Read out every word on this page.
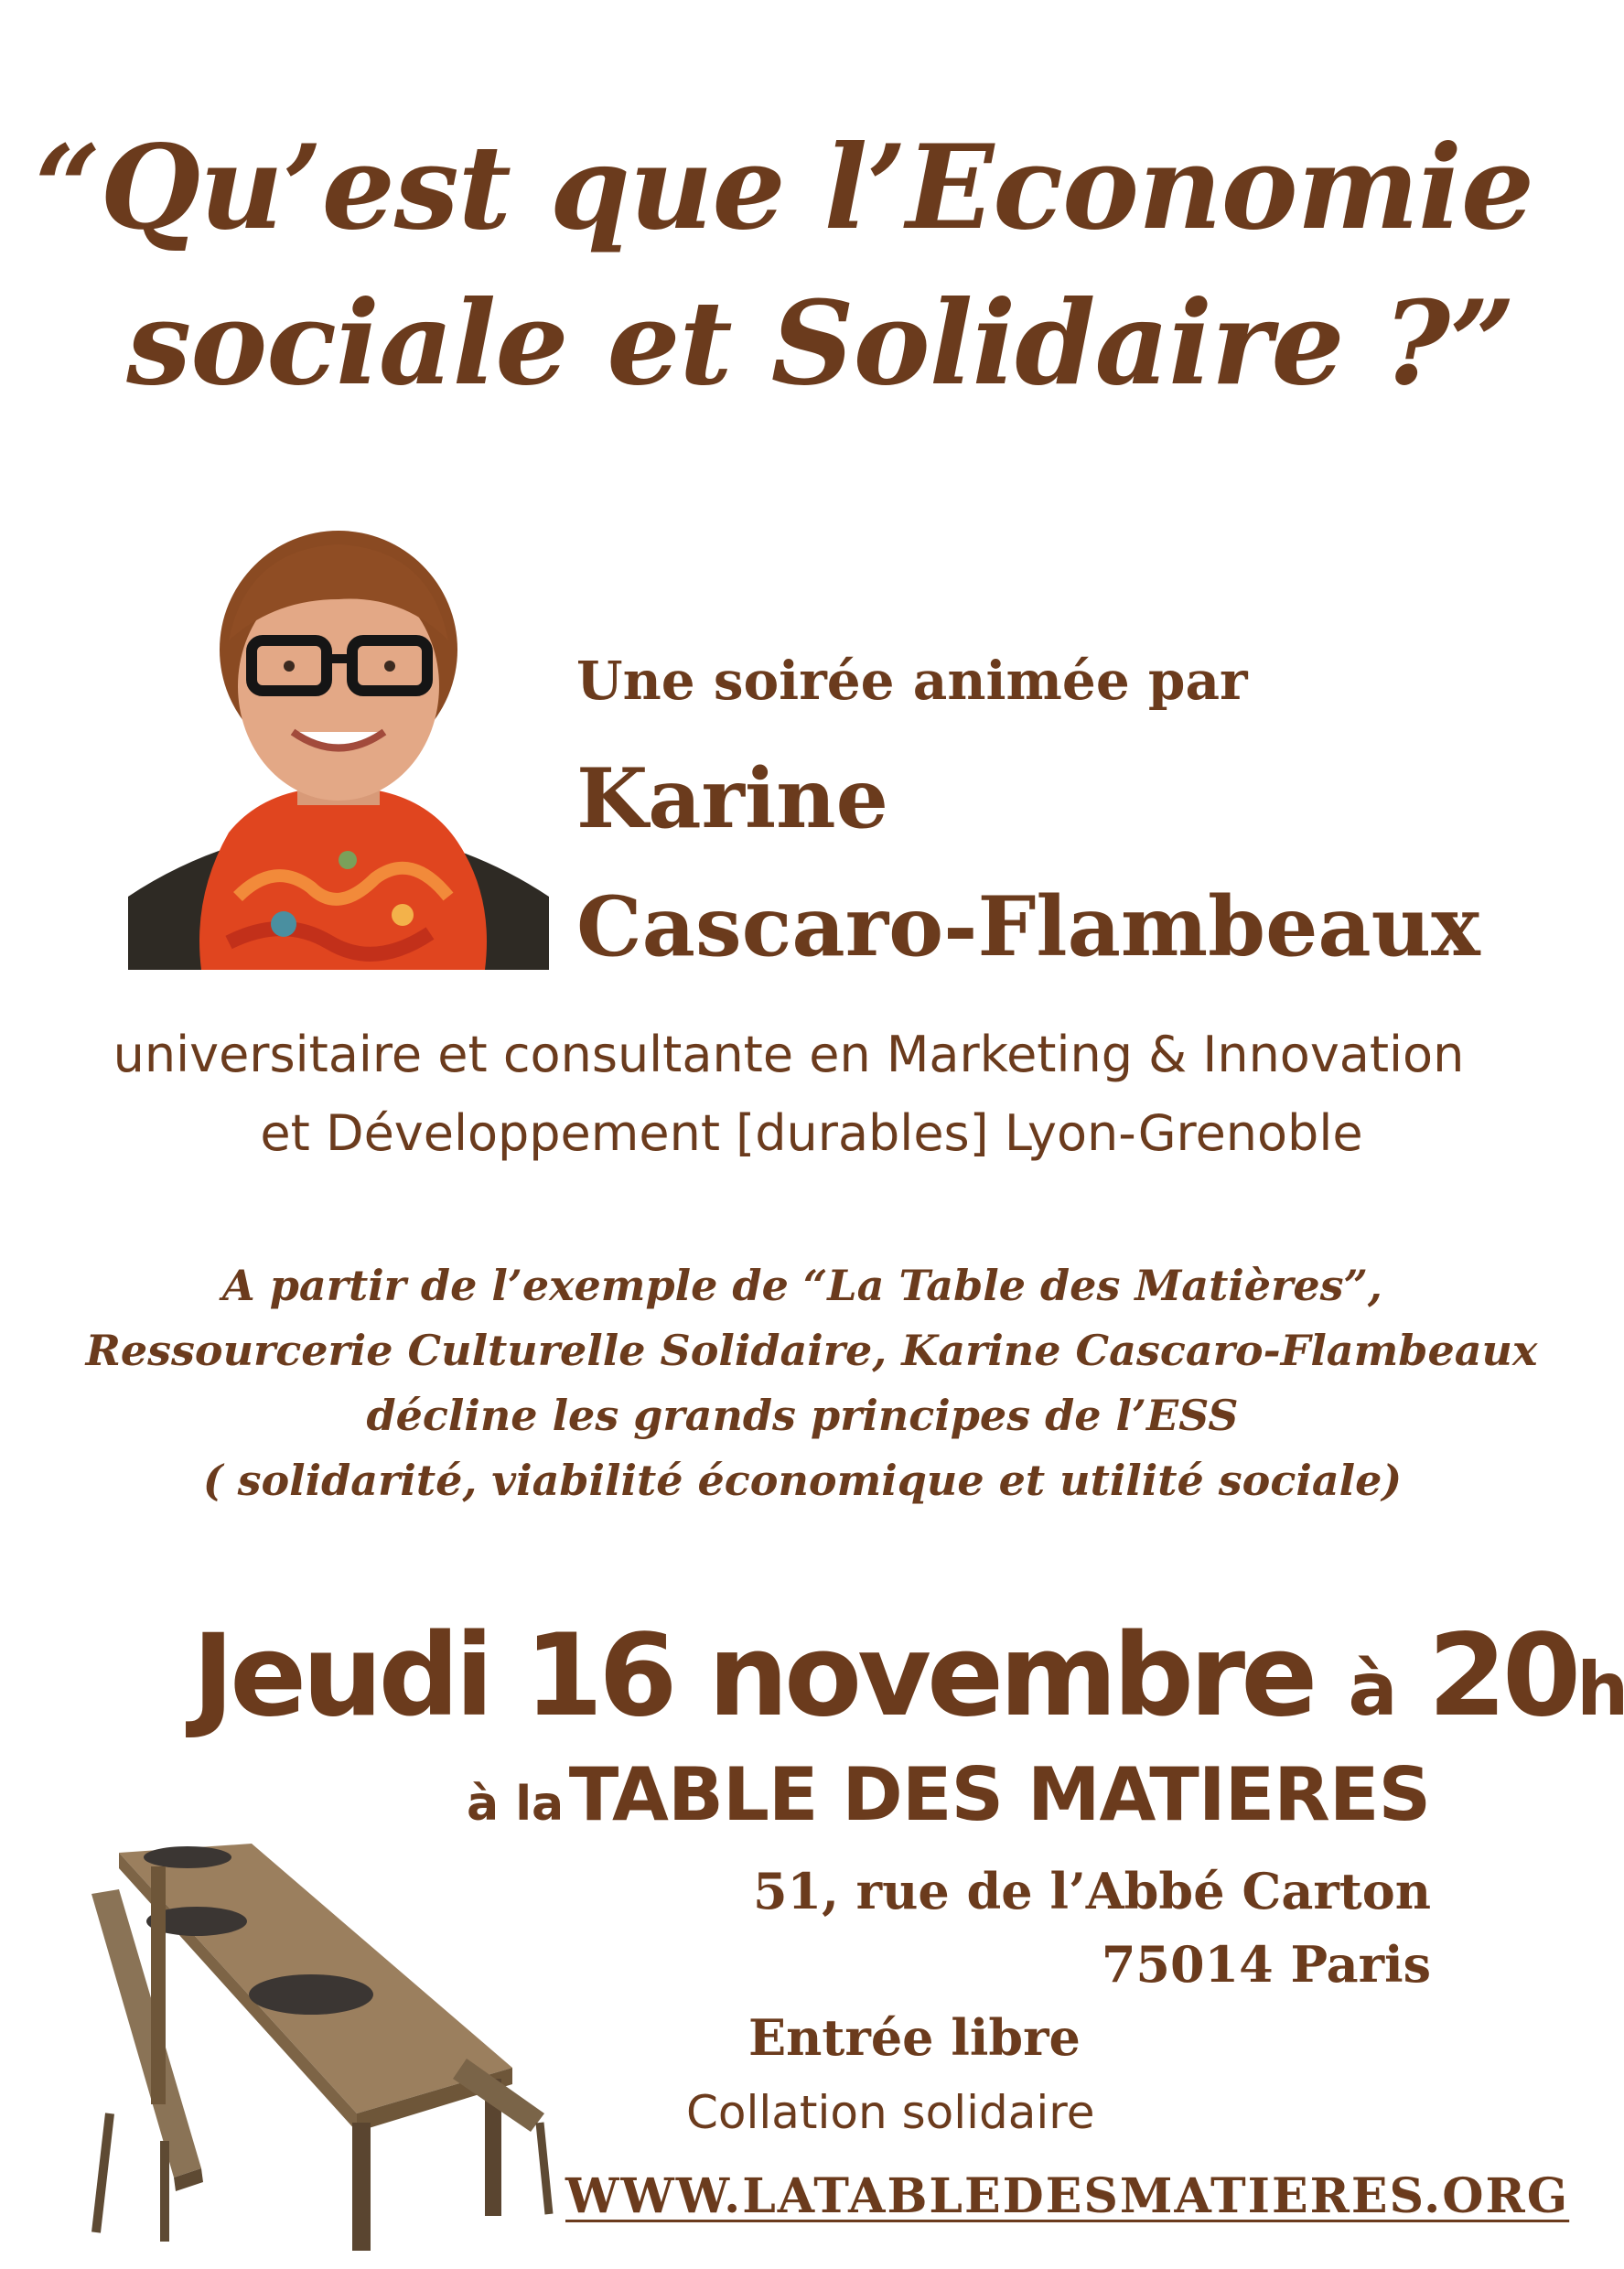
“Qu’est que l’Economie
sociale et Solidaire ?”
Une soirée animée par
Karine
Cascaro-Flambeaux
universitaire et consultante en Marketing & Innovation
et Développement [durables] Lyon-Grenoble
A partir de l’exemple de “La Table des Matières”,
Ressourcerie Culturelle Solidaire, Karine Cascaro-Flambeaux
décline les grands principes de l’ESS
( solidarité, viabilité économique et utilité sociale)
Jeudi 16 novembre à 20h
à la TABLE DES MATIERES
51, rue de l’Abbé Carton
75014 Paris
Entrée libre
Collation solidaire
WWW.LATABLEDESMATIERES.ORG
